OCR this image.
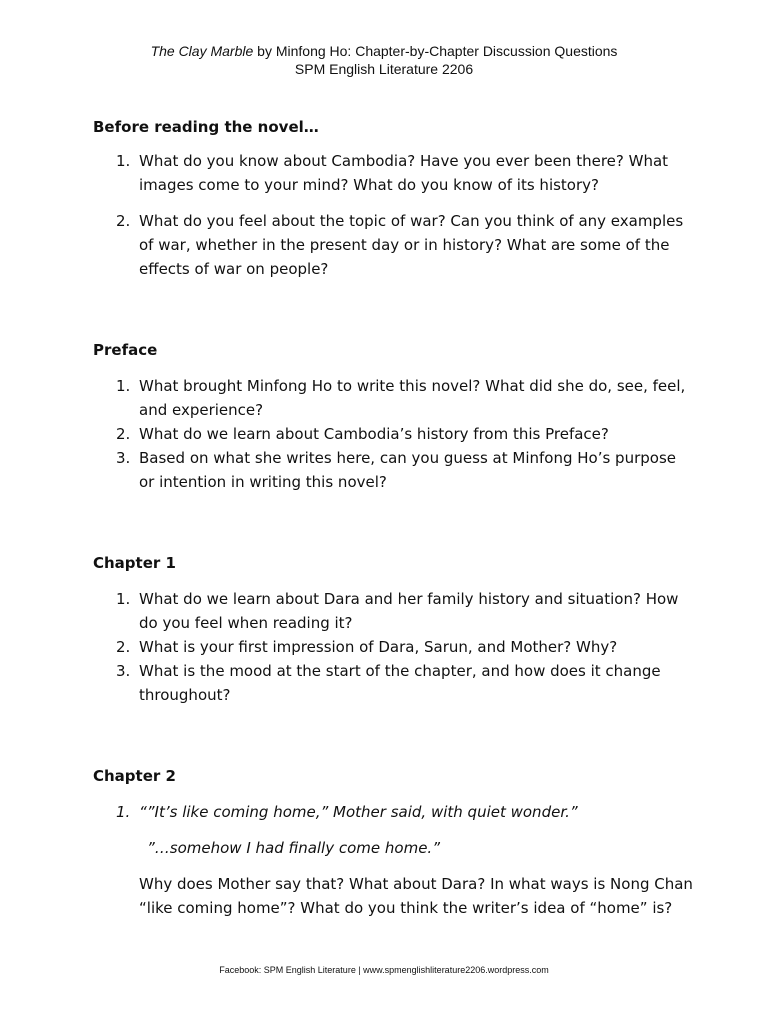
The Clay Marble by Minfong Ho: Chapter-by-Chapter Discussion Questions
SPM English Literature 2206

Before reading the novel…

1. What do you know about Cambodia? Have you ever been there? What images come to your mind? What do you know of its history?
2. What do you feel about the topic of war? Can you think of any examples of war, whether in the present day or in history? What are some of the effects of war on people?

Preface

1. What brought Minfong Ho to write this novel? What did she do, see, feel, and experience?
2. What do we learn about Cambodia’s history from this Preface?
3. Based on what she writes here, can you guess at Minfong Ho’s purpose or intention in writing this novel?

Chapter 1

1. What do we learn about Dara and her family history and situation? How do you feel when reading it?
2. What is your first impression of Dara, Sarun, and Mother? Why?
3. What is the mood at the start of the chapter, and how does it change throughout?

Chapter 2

1. “”It’s like coming home,” Mother said, with quiet wonder.”
”…somehow I had finally come home.”
Why does Mother say that? What about Dara? In what ways is Nong Chan “like coming home”? What do you think the writer’s idea of “home” is?
Facebook: SPM English Literature | www.spmenglishliterature2206.wordpress.com
